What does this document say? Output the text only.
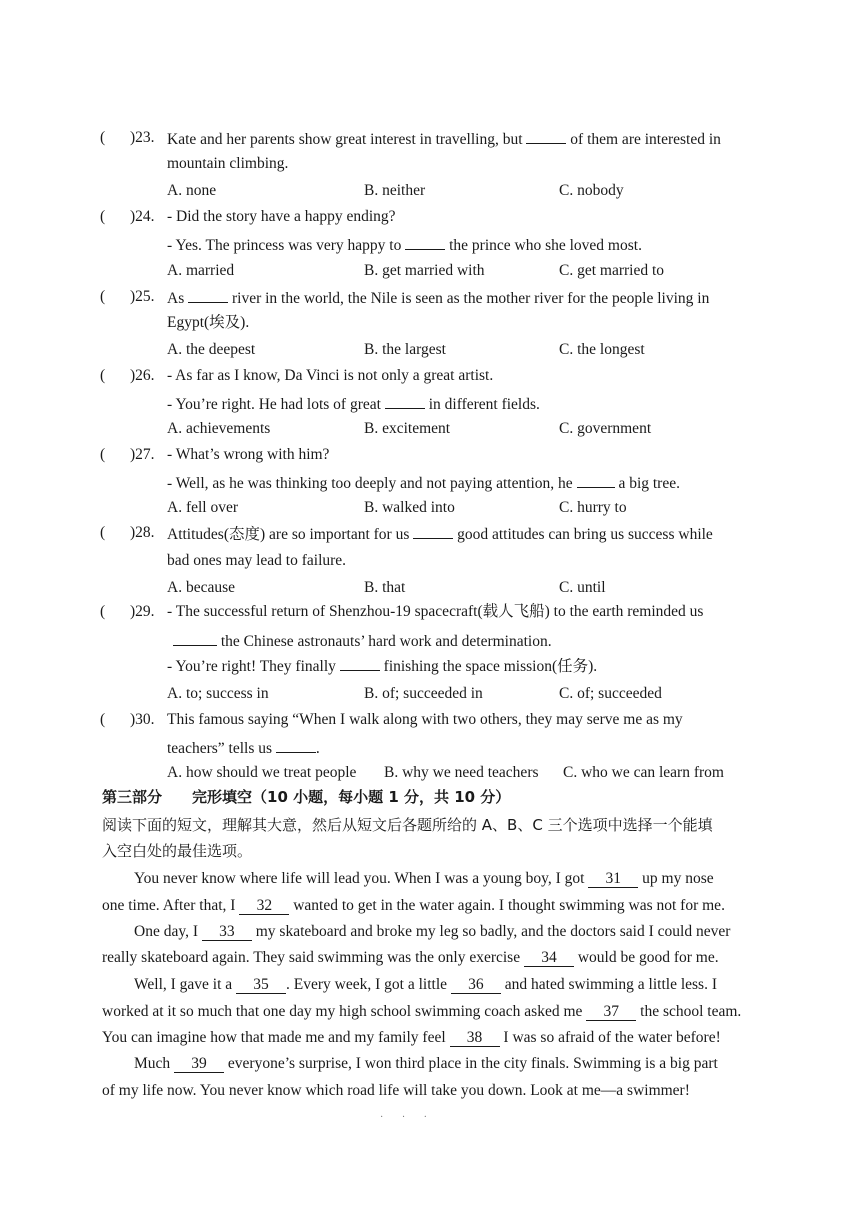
( )23. Kate and her parents show great interest in travelling, but	of them are interested in
mountain climbing.
A. none	B. neither	C. nobody
( )24. - Did the story have a happy ending?
- Yes. The princess was very happy to	the prince who she loved most.
A. married	B. get married with	C. get married to
( )25. As	river in the world, the Nile is seen as the mother river for the people living in
Egypt(埃及).
A. the deepest	B. the largest	C. the longest
( )26. - As far as I know, Da Vinci is not only a great artist.
- You’re right. He had lots of great	in different fields.
A. achievements	B. excitement	C. government
( )27. - What’s wrong with him?
- Well, as he was thinking too deeply and not paying attention, he	a big tree.
A. fell over	B. walked into	C. hurry to
( )28. Attitudes(态度) are so important for us	good attitudes can bring us success while
bad ones may lead to failure.
A. because	B. that	C. until
( )29. - The successful return of Shenzhou-19 spacecraft(载人飞船) to the earth reminded us
the Chinese astronauts’ hard work and determination.
- You’re right! They finally	finishing the space mission(任务).
A. to; success in	B. of; succeeded in	C. of; succeeded
( )30. This famous saying “When I walk along with two others, they may serve me as my
teachers” tells us	.
A. how should we treat people B. why we need teachers C. who we can learn from
第三部分　　完形填空（10 小题，每小题 1 分，共 10 分）
阅读下面的短文，理解其大意，然后从短文后各题所给的 A、B、C 三个选项中选择一个能填
入空白处的最佳选项。
You never know where life will lead you. When I was a young boy, I got 31 up my nose
one time. After that, I 32 wanted to get in the water again. I thought swimming was not for me.
One day, I 33 my skateboard and broke my leg so badly, and the doctors said I could never
really skateboard again. They said swimming was the only exercise 34 would be good for me.
Well, I gave it a 35 . Every week, I got a little 36 and hated swimming a little less. I
worked at it so much that one day my high school swimming coach asked me 37 the school team.
You can imagine how that made me and my family feel 38 I was so afraid of the water before!
Much 39 everyone’s surprise, I won third place in the city finals. Swimming is a big part
of my life now. You never know which road life will take you down. Look at me—a swimmer!
· · ·
